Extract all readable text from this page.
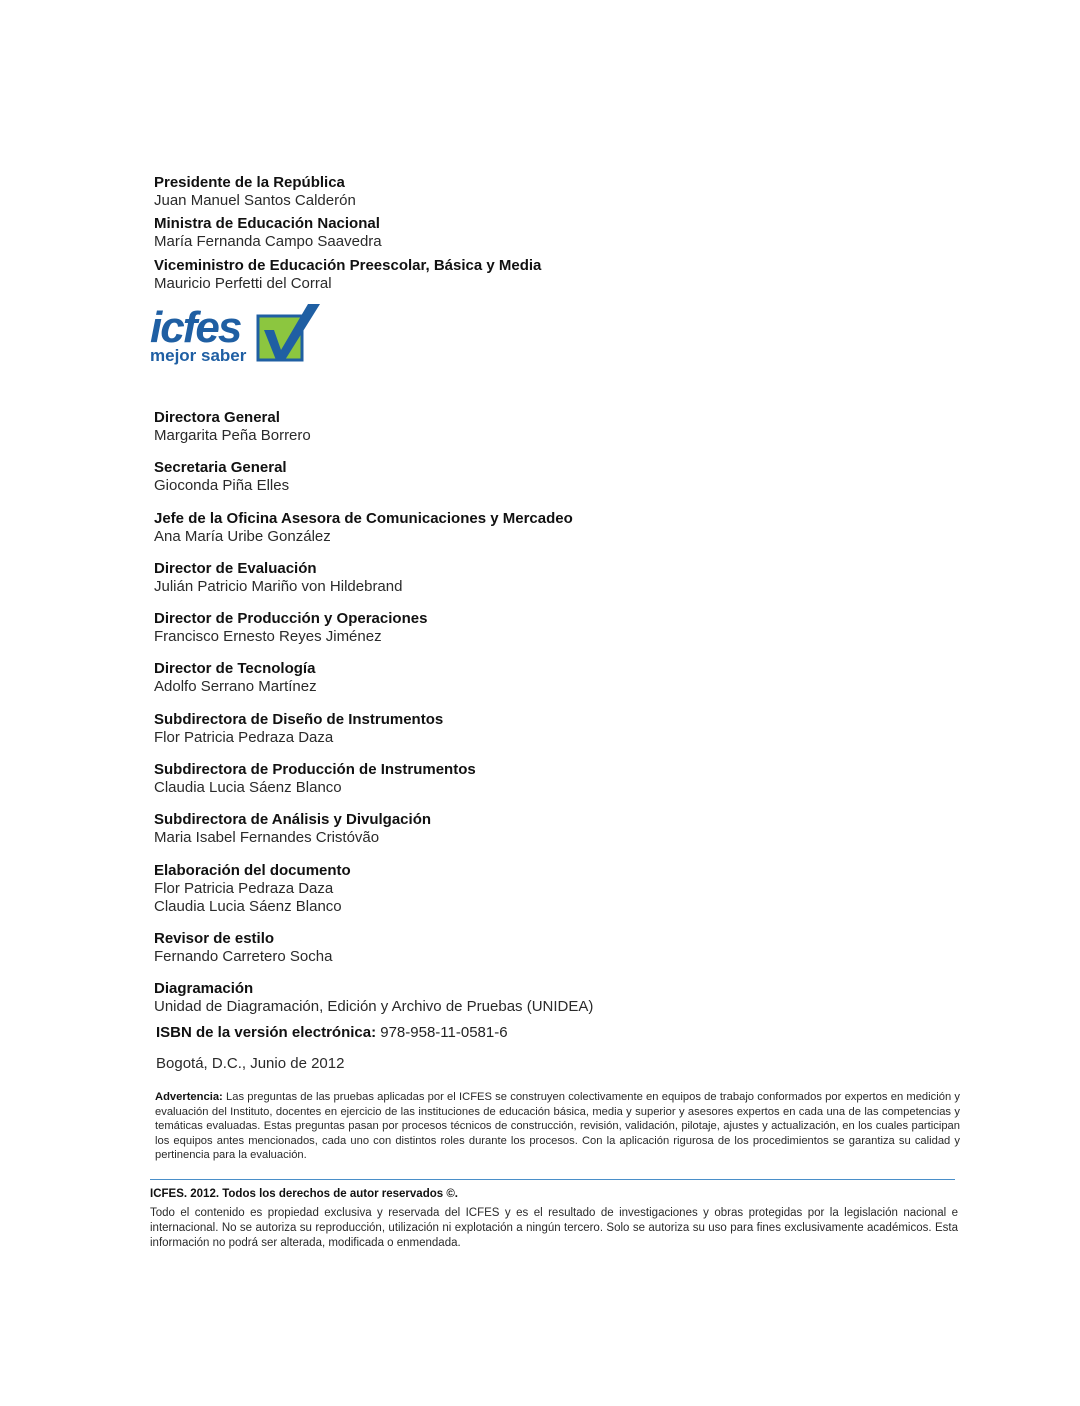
Presidente de la República
Juan Manuel Santos Calderón
Ministra de Educación Nacional
María Fernanda Campo Saavedra
Viceministro de Educación Preescolar, Básica y Media
Mauricio Perfetti del Corral
icfes
mejor saber
Directora General
Margarita Peña Borrero
Secretaria General
Gioconda Piña Elles
Jefe de la Oficina Asesora de Comunicaciones y Mercadeo
Ana María Uribe González
Director de Evaluación
Julián Patricio Mariño von Hildebrand
Director de Producción y Operaciones
Francisco Ernesto Reyes Jiménez
Director de Tecnología
Adolfo Serrano Martínez
Subdirectora de Diseño de Instrumentos
Flor Patricia Pedraza Daza
Subdirectora de Producción de Instrumentos
Claudia Lucia Sáenz Blanco
Subdirectora de Análisis y Divulgación
Maria Isabel Fernandes Cristóvão
Elaboración del documento
Flor Patricia Pedraza Daza
Claudia Lucia Sáenz Blanco
Revisor de estilo
Fernando Carretero Socha
Diagramación
Unidad de Diagramación, Edición y Archivo de Pruebas (UNIDEA)
ISBN de la versión electrónica: 978-958-11-0581-6
Bogotá, D.C., Junio de 2012
Advertencia: Las preguntas de las pruebas aplicadas por el ICFES se construyen colectivamente en equipos de trabajo conformados por expertos en medición y evaluación del Instituto, docentes en ejercicio de las instituciones de educación básica, media y superior y asesores expertos en cada una de las competencias y temáticas evaluadas. Estas preguntas pasan por procesos técnicos de construcción, revisión, validación, pilotaje, ajustes y actualización, en los cuales participan los equipos antes mencionados, cada uno con distintos roles durante los procesos. Con la aplicación rigurosa de los procedimientos se garantiza su calidad y pertinencia para la evaluación.
ICFES. 2012. Todos los derechos de autor reservados ©.
Todo el contenido es propiedad exclusiva y reservada del ICFES y es el resultado de investigaciones y obras protegidas por la legislación nacional e internacional. No se autoriza su reproducción, utilización ni explotación a ningún tercero. Solo se autoriza su uso para fines exclusivamente académicos. Esta información no podrá ser alterada, modificada o enmendada.
